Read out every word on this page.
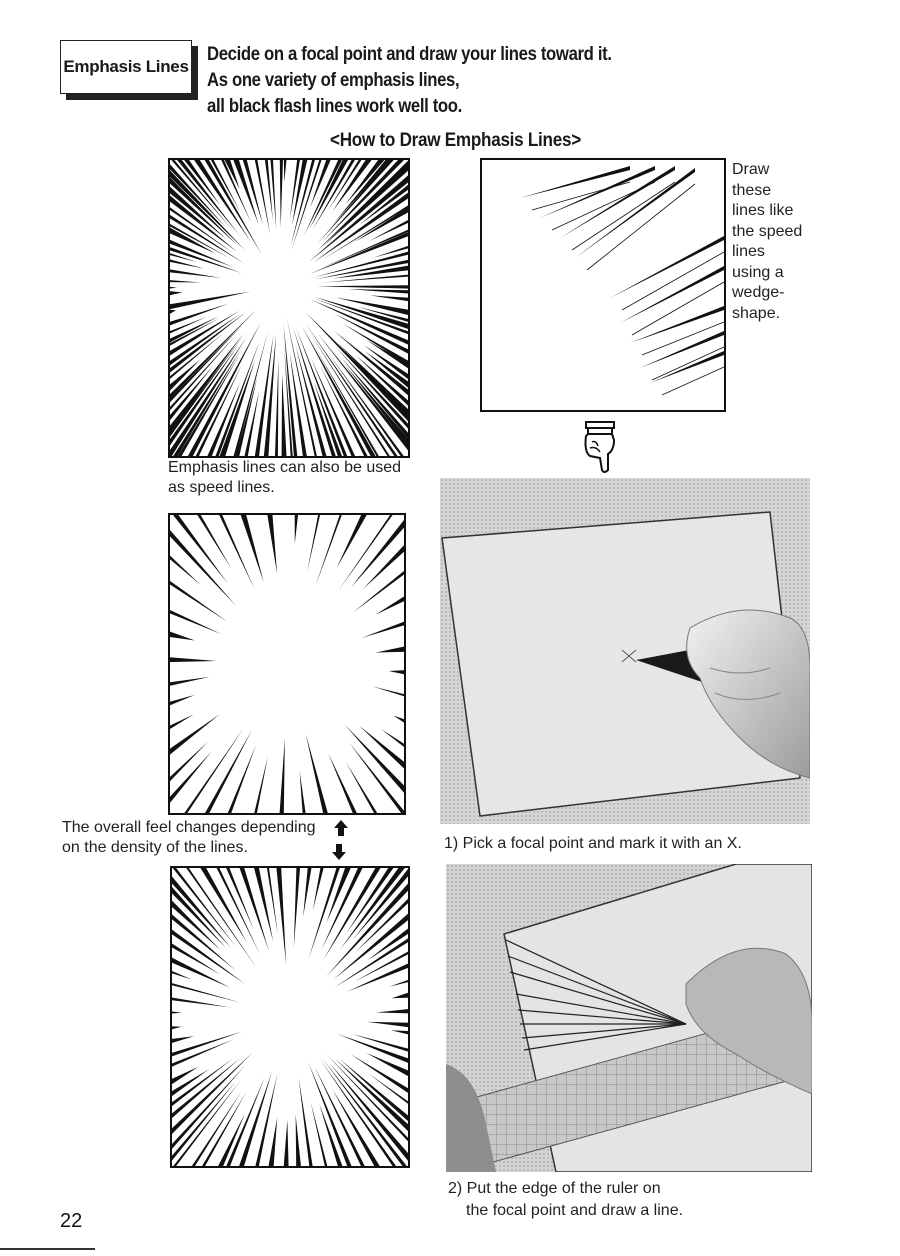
Emphasis Lines
Decide on a focal point and draw your lines toward it.
As one variety of emphasis lines,
all black flash lines work well too.
<How to Draw Emphasis Lines>
Emphasis lines can also be used
as speed lines.
Draw
these
lines like
the speed
lines
using a
wedge-
shape.
The overall feel changes depending
on the density of the lines.	1) Pick a focal point and mark it with an X.
2) Put the edge of the ruler on
the focal point and draw a line.
22
